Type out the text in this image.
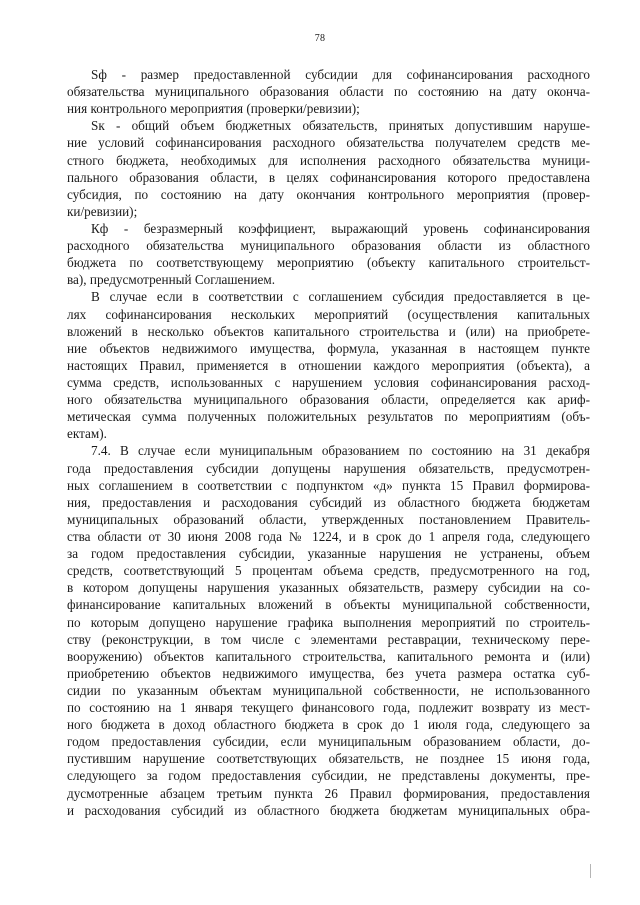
78
Sф - размер предоставленной субсидии для софинансирования расходного
обязательства муниципального образования области по состоянию на дату оконча-
ния контрольного мероприятия (проверки/ревизии);
Sк - общий объем бюджетных обязательств, принятых допустившим наруше-
ние условий софинансирования расходного обязательства получателем средств ме-
стного бюджета, необходимых для исполнения расходного обязательства муници-
пального образования области, в целях софинансирования которого предоставлена
субсидия, по состоянию на дату окончания контрольного мероприятия (провер-
ки/ревизии);
Кф - безразмерный коэффициент, выражающий уровень софинансирования
расходного обязательства муниципального образования области из областного
бюджета по соответствующему мероприятию (объекту капитального строительст-
ва), предусмотренный Соглашением.
В случае если в соответствии с соглашением субсидия предоставляется в це-
лях софинансирования нескольких мероприятий (осуществления капитальных
вложений в несколько объектов капитального строительства и (или) на приобрете-
ние объектов недвижимого имущества, формула, указанная в настоящем пункте
настоящих Правил, применяется в отношении каждого мероприятия (объекта), а
сумма средств, использованных с нарушением условия софинансирования расход-
ного обязательства муниципального образования области, определяется как ариф-
метическая сумма полученных положительных результатов по мероприятиям (объ-
ектам).
7.4. В случае если муниципальным образованием по состоянию на 31 декабря
года предоставления субсидии допущены нарушения обязательств, предусмотрен-
ных соглашением в соответствии с подпунктом «д» пункта 15 Правил формирова-
ния, предоставления и расходования субсидий из областного бюджета бюджетам
муниципальных образований области, утвержденных постановлением Правитель-
ства области от 30 июня 2008 года № 1224, и в срок до 1 апреля года, следующего
за годом предоставления субсидии, указанные нарушения не устранены, объем
средств, соответствующий 5 процентам объема средств, предусмотренного на год,
в котором допущены нарушения указанных обязательств, размеру субсидии на со-
финансирование капитальных вложений в объекты муниципальной собственности,
по которым допущено нарушение графика выполнения мероприятий по строитель-
ству (реконструкции, в том числе с элементами реставрации, техническому пере-
вооружению) объектов капитального строительства, капитального ремонта и (или)
приобретению объектов недвижимого имущества, без учета размера остатка суб-
сидии по указанным объектам муниципальной собственности, не использованного
по состоянию на 1 января текущего финансового года, подлежит возврату из мест-
ного бюджета в доход областного бюджета в срок до 1 июля года, следующего за
годом предоставления субсидии, если муниципальным образованием области, до-
пустившим нарушение соответствующих обязательств, не позднее 15 июня года,
следующего за годом предоставления субсидии, не представлены документы, пре-
дусмотренные абзацем третьим пункта 26 Правил формирования, предоставления
и расходования субсидий из областного бюджета бюджетам муниципальных обра-
